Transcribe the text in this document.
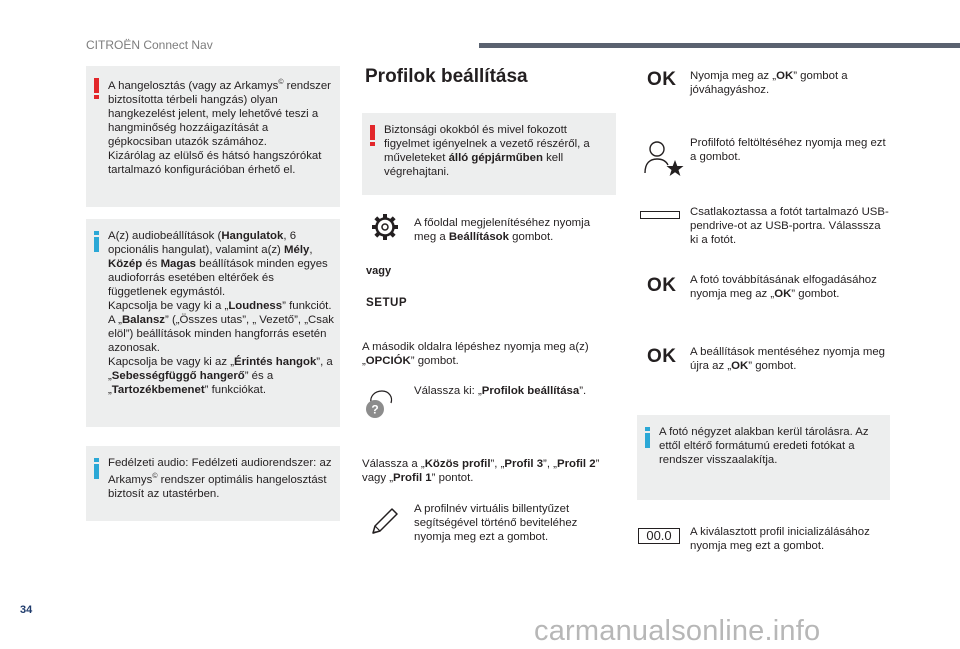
CITROËN Connect Nav
A hangelosztás (vagy az Arkamys© rendszer biztosította térbeli hangzás) olyan hangkezelést jelent, mely lehetővé teszi a hangminőség hozzáigazítását a gépkocsiban utazók számához.
Kizárólag az elülső és hátsó hangszórókat tartalmazó konfigurációban érhető el.
A(z) audiobeállítások (Hangulatok, 6 opcionális hangulat), valamint a(z) Mély, Közép és Magas beállítások minden egyes audioforrás esetében eltérőek és függetlenek egymástól.
Kapcsolja be vagy ki a „Loudness” funkciót.
A „Balansz” („Összes utas”, „ Vezető”, „Csak elöl”) beállítások minden hangforrás esetén azonosak.
Kapcsolja be vagy ki az „Érintés hangok”, a „Sebességfüggő hangerő” és a „Tartozékbemenet” funkciókat.
Fedélzeti audio: Fedélzeti audiorendszer: az Arkamys© rendszer optimális hangelosztást biztosít az utastérben.
Profilok beállítása
Biztonsági okokból és mivel fokozott figyelmet igényelnek a vezető részéről, a műveleteket álló gépjárműben kell végrehajtani.
A főoldal megjelenítéséhez nyomja meg a Beállítások gombot.
vagy
SETUP
A második oldalra lépéshez nyomja meg a(z) „OPCIÓK” gombot.
?
Válassza ki: „Profilok beállítása”.
Válassza a „Közös profil”, „Profil 3”, „Profil 2” vagy „Profil 1” pontot.
A profilnév virtuális billentyűzet segítségével történő beviteléhez nyomja meg ezt a gombot.
OK Nyomja meg az „OK” gombot a jóváhagyáshoz.
Profilfotó feltöltéséhez nyomja meg ezt a gombot.
Csatlakoztassa a fotót tartalmazó USB-pendrive-ot az USB-portra. Válasssza ki a fotót.
OK A fotó továbbításának elfogadásához nyomja meg az „OK” gombot.
OK A beállítások mentéséhez nyomja meg újra az „OK” gombot.
A fotó négyzet alakban kerül tárolásra. Az ettől eltérő formátumú eredeti fotókat a rendszer visszaalakítja.
00.0	A kiválasztott profil inicializálásához nyomja meg ezt a gombot.
34
carmanualsonline.info
